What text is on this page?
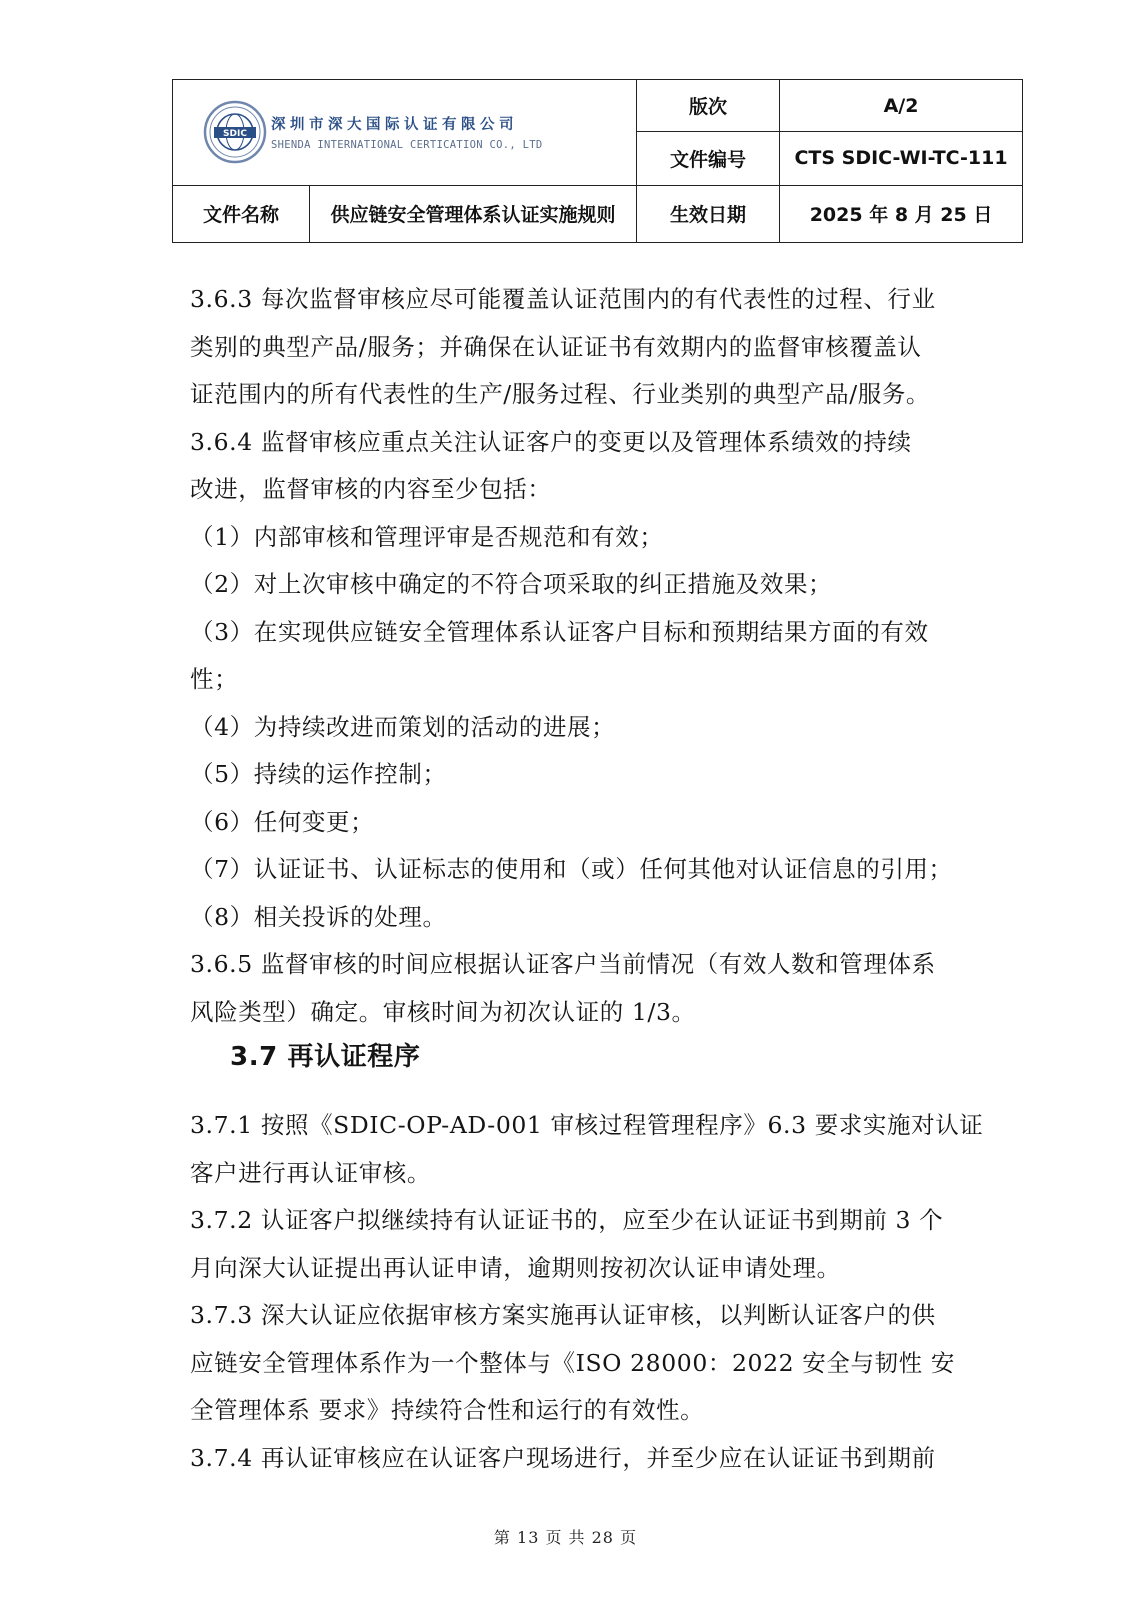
SDIC
深圳市深大国际认证有限公司
SHENDA INTERNATIONAL CERTICATION CO., LTD		版次	A/2
		文件编号	CTS SDIC-WI-TC-111
文件名称	供应链安全管理体系认证实施规则	生效日期	2025 年 8 月 25 日

3.6.3 每次监督审核应尽可能覆盖认证范围内的有代表性的过程、行业

类别的典型产品/服务；并确保在认证证书有效期内的监督审核覆盖认

证范围内的所有代表性的生产/服务过程、行业类别的典型产品/服务。

3.6.4 监督审核应重点关注认证客户的变更以及管理体系绩效的持续

改进，监督审核的内容至少包括：

（1）内部审核和管理评审是否规范和有效；

（2）对上次审核中确定的不符合项采取的纠正措施及效果；

（3）在实现供应链安全管理体系认证客户目标和预期结果方面的有效

性；

（4）为持续改进而策划的活动的进展；

（5）持续的运作控制；

（6）任何变更；

（7）认证证书、认证标志的使用和（或）任何其他对认证信息的引用；

（8）相关投诉的处理。

3.6.5 监督审核的时间应根据认证客户当前情况（有效人数和管理体系

风险类型）确定。审核时间为初次认证的 1/3。

3.7 再认证程序

3.7.1 按照《SDIC-OP-AD-001 审核过程管理程序》6.3 要求实施对认证

客户进行再认证审核。

3.7.2 认证客户拟继续持有认证证书的，应至少在认证证书到期前 3 个

月向深大认证提出再认证申请，逾期则按初次认证申请处理。

3.7.3 深大认证应依据审核方案实施再认证审核，以判断认证客户的供

应链安全管理体系作为一个整体与《ISO 28000：2022 安全与韧性 安

全管理体系 要求》持续符合性和运行的有效性。

3.7.4 再认证审核应在认证客户现场进行，并至少应在认证证书到期前

第 13 页 共 28 页
